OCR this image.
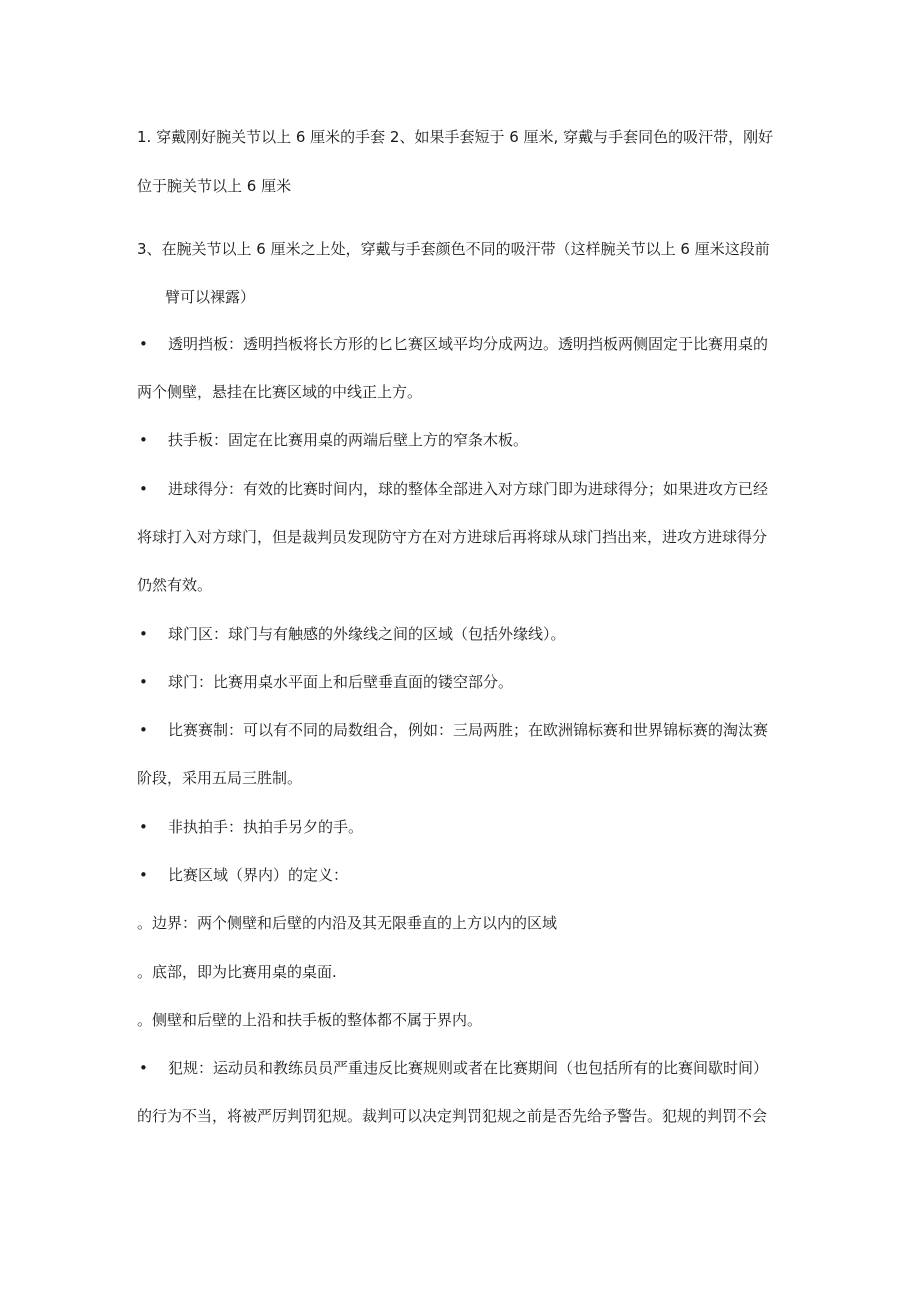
1. 穿戴刚好腕关节以上 6 厘米的手套 2、如果手套短于 6 厘米, 穿戴与手套同色的吸汗带，刚好
位于腕关节以上 6 厘米
3、在腕关节以上 6 厘米之上处，穿戴与手套颜色不同的吸汗带（这样腕关节以上 6 厘米这段前
臂可以裸露）
• 透明挡板：透明挡板将长方形的匕匕赛区域平均分成两边。透明挡板两侧固定于比赛用桌的
两个侧壁，悬挂在比赛区域的中线正上方。
• 扶手板：固定在比赛用桌的两端后壁上方的窄条木板。
• 进球得分：有效的比赛时间内，球的整体全部进入对方球门即为进球得分；如果进攻方已经
将球打入对方球门，但是裁判员发现防守方在对方进球后再将球从球门挡出来，进攻方进球得分
仍然有效。
• 球门区：球门与有触感的外缘线之间的区域（包括外缘线）。
• 球门：比赛用桌水平面上和后壁垂直面的镂空部分。
• 比赛赛制：可以有不同的局数组合，例如：三局两胜；在欧洲锦标赛和世界锦标赛的淘汰赛
阶段，采用五局三胜制。
• 非执拍手：执拍手另夕的手。
• 比赛区域（界内）的定义：
。边界：两个侧壁和后壁的内沿及其无限垂直的上方以内的区域
。底部，即为比赛用桌的桌面.
。侧壁和后壁的上沿和扶手板的整体都不属于界内。
• 犯规：运动员和教练员员严重违反比赛规则或者在比赛期间（也包括所有的比赛间歇时间）
的行为不当，将被严厉判罚犯规。裁判可以决定判罚犯规之前是否先给予警告。犯规的判罚不会
